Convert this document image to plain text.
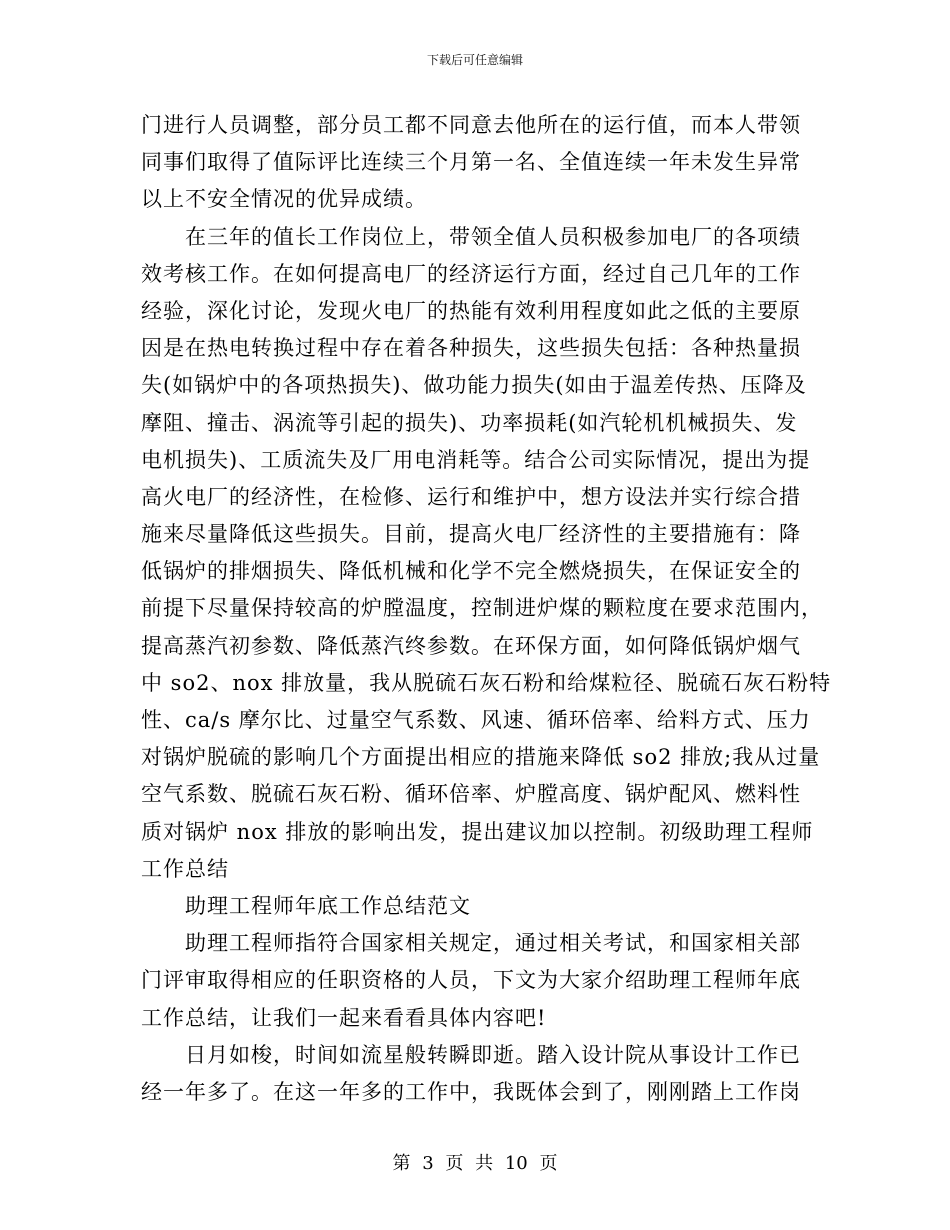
下载后可任意编辑
门进行人员调整，部分员工都不同意去他所在的运行值，而本人带领
同事们取得了值际评比连续三个月第一名、全值连续一年未发生异常
以上不安全情况的优异成绩。
　　在三年的值长工作岗位上，带领全值人员积极参加电厂的各项绩
效考核工作。在如何提高电厂的经济运行方面，经过自己几年的工作
经验，深化讨论，发现火电厂的热能有效利用程度如此之低的主要原
因是在热电转换过程中存在着各种损失，这些损失包括：各种热量损
失(如锅炉中的各项热损失)、做功能力损失(如由于温差传热、压降及
摩阻、撞击、涡流等引起的损失)、功率损耗(如汽轮机机械损失、发
电机损失)、工质流失及厂用电消耗等。结合公司实际情况，提出为提
高火电厂的经济性，在检修、运行和维护中，想方设法并实行综合措
施来尽量降低这些损失。目前，提高火电厂经济性的主要措施有：降
低锅炉的排烟损失、降低机械和化学不完全燃烧损失，在保证安全的
前提下尽量保持较高的炉膛温度，控制进炉煤的颗粒度在要求范围内，
提高蒸汽初参数、降低蒸汽终参数。在环保方面，如何降低锅炉烟气
中 so2、nox 排放量，我从脱硫石灰石粉和给煤粒径、脱硫石灰石粉特
性、ca/s 摩尔比、过量空气系数、风速、循环倍率、给料方式、压力
对锅炉脱硫的影响几个方面提出相应的措施来降低 so2 排放;我从过量
空气系数、脱硫石灰石粉、循环倍率、炉膛高度、锅炉配风、燃料性
质对锅炉 nox 排放的影响出发，提出建议加以控制。初级助理工程师
工作总结
　　助理工程师年底工作总结范文
　　助理工程师指符合国家相关规定，通过相关考试，和国家相关部
门评审取得相应的任职资格的人员，下文为大家介绍助理工程师年底
工作总结，让我们一起来看看具体内容吧!
　　日月如梭，时间如流星般转瞬即逝。踏入设计院从事设计工作已
经一年多了。在这一年多的工作中，我既体会到了，刚刚踏上工作岗
第 3 页 共 10 页
